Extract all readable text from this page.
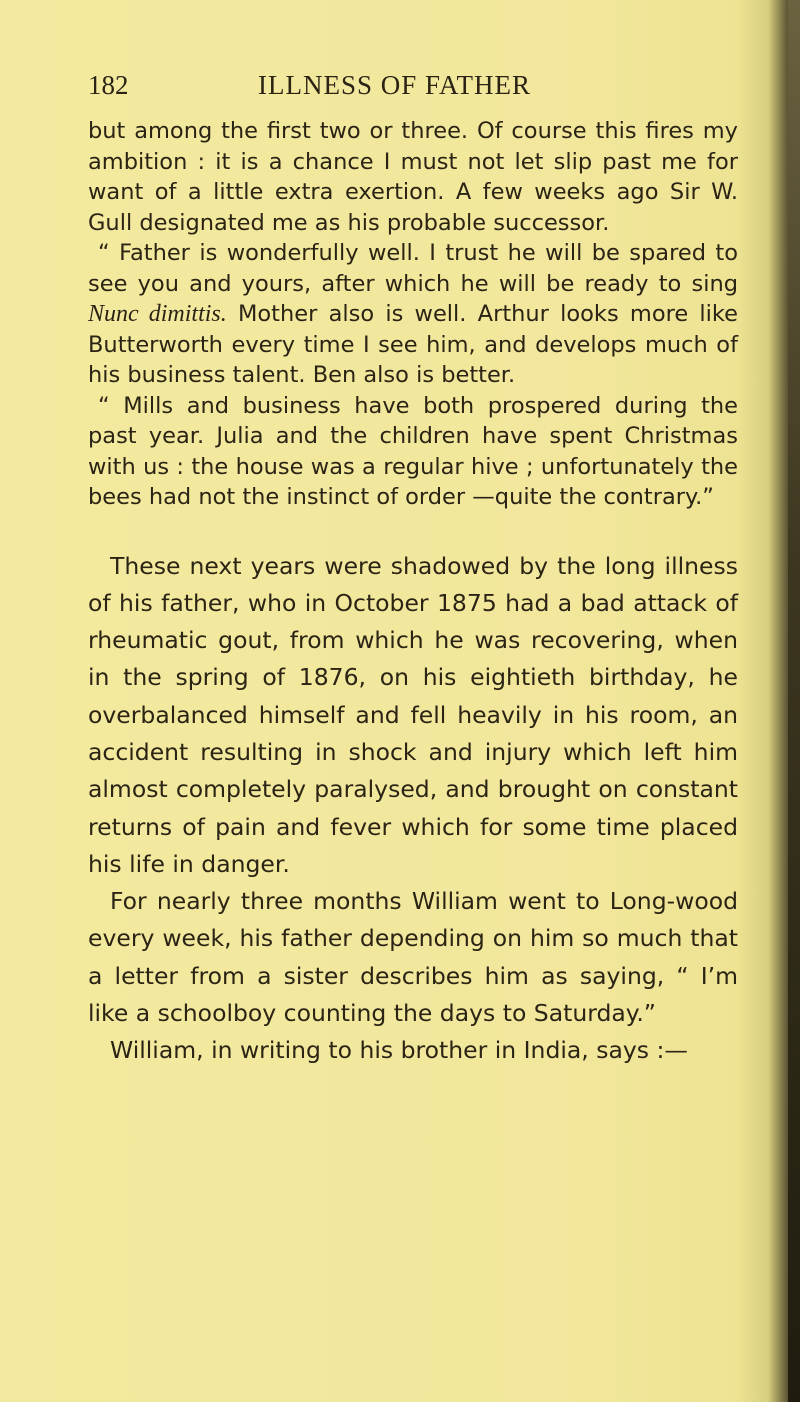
182	ILLNESS OF FATHER

but among the first two or three. Of course this fires my ambition : it is a chance I must not let slip past me for want of a little extra exertion. A few weeks ago Sir W. Gull designated me as his probable successor.

“ Father is wonderfully well. I trust he will be spared to see you and yours, after which he will be ready to sing Nunc dimittis. Mother also is well. Arthur looks more like Butterworth every time I see him, and develops much of his business talent. Ben also is better.

“ Mills and business have both prospered during the past year. Julia and the children have spent Christmas with us : the house was a regular hive ; unfortunately the bees had not the instinct of order —quite the contrary.”

These next years were shadowed by the long illness of his father, who in October 1875 had a bad attack of rheumatic gout, from which he was recovering, when in the spring of 1876, on his eightieth birthday, he overbalanced himself and fell heavily in his room, an accident resulting in shock and injury which left him almost completely paralysed, and brought on constant returns of pain and fever which for some time placed his life in danger.

For nearly three months William went to Long-wood every week, his father depending on him so much that a letter from a sister describes him as saying, “ I’m like a schoolboy counting the days to Saturday.”

William, in writing to his brother in India, says :—
